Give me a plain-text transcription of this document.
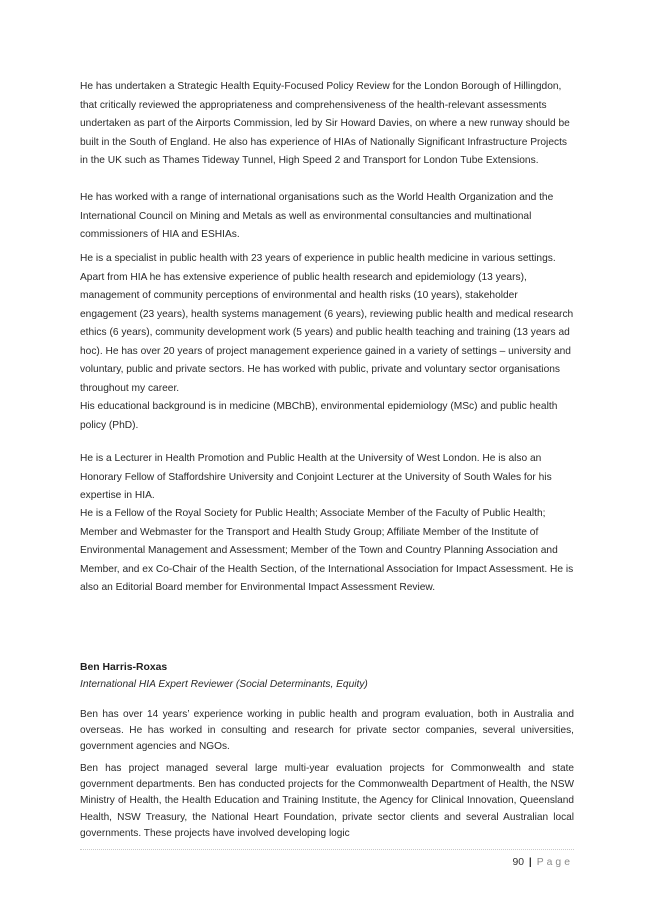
He has undertaken a Strategic Health Equity-Focused Policy Review for the London Borough of Hillingdon, that critically reviewed the appropriateness and comprehensiveness of the health-relevant assessments undertaken as part of the Airports Commission, led by Sir Howard Davies, on where a new runway should be built in the South of England. He also has experience of HIAs of Nationally Significant Infrastructure Projects in the UK such as Thames Tideway Tunnel, High Speed 2 and Transport for London Tube Extensions.

He has worked with a range of international organisations such as the World Health Organization and the International Council on Mining and Metals as well as environmental consultancies and multinational commissioners of HIA and ESHIAs.

He is a specialist in public health with 23 years of experience in public health medicine in various settings. Apart from HIA he has extensive experience of public health research and epidemiology (13 years), management of community perceptions of environmental and health risks (10 years), stakeholder engagement (23 years), health systems management (6 years), reviewing public health and medical research ethics (6 years), community development work (5 years) and public health teaching and training (13 years ad hoc). He has over 20 years of project management experience gained in a variety of settings – university and voluntary, public and private sectors. He has worked with public, private and voluntary sector organisations throughout my career.

His educational background is in medicine (MBChB), environmental epidemiology (MSc) and public health policy (PhD).

He is a Lecturer in Health Promotion and Public Health at the University of West London. He is also an Honorary Fellow of Staffordshire University and Conjoint Lecturer at the University of South Wales for his expertise in HIA.

He is a Fellow of the Royal Society for Public Health; Associate Member of the Faculty of Public Health; Member and Webmaster for the Transport and Health Study Group; Affiliate Member of the Institute of Environmental Management and Assessment; Member of the Town and Country Planning Association and Member, and ex Co-Chair of the Health Section, of the International Association for Impact Assessment. He is also an Editorial Board member for Environmental Impact Assessment Review.

Ben Harris-Roxas

International HIA Expert Reviewer (Social Determinants, Equity)

Ben has over 14 years’ experience working in public health and program evaluation, both in Australia and overseas. He has worked in consulting and research for private sector companies, several universities, government agencies and NGOs.

Ben has project managed several large multi-year evaluation projects for Commonwealth and state government departments. Ben has conducted projects for the Commonwealth Department of Health, the NSW Ministry of Health, the Health Education and Training Institute, the Agency for Clinical Innovation, Queensland Health, NSW Treasury, the National Heart Foundation, private sector clients and several Australian local governments. These projects have involved developing logic

90 | Page
